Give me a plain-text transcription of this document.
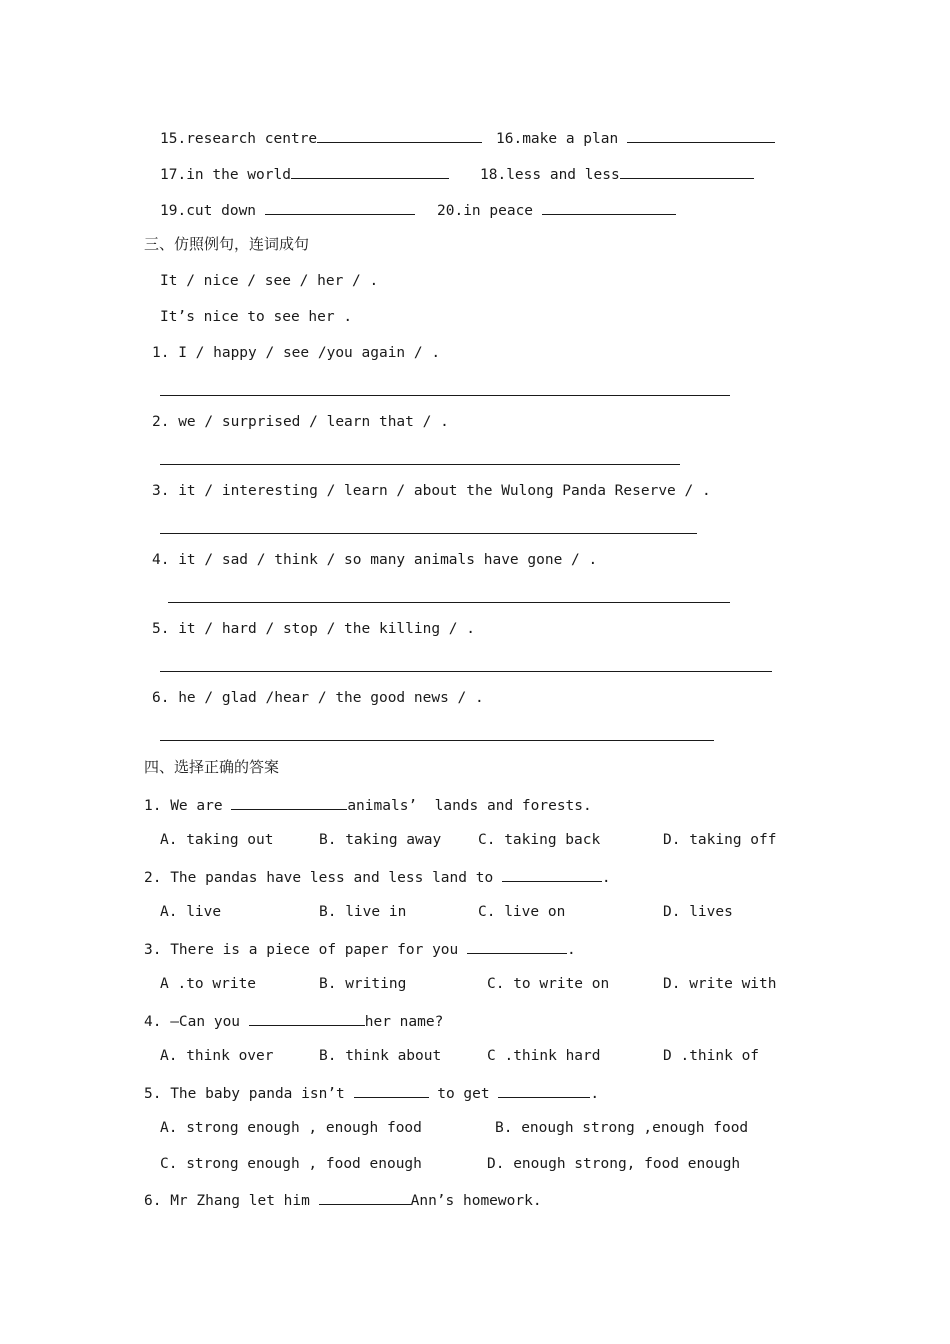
15.research centre	16.make a plan
17.in the world	18.less and less
19.cut down	20.in peace
三、仿照例句，连词成句
It / nice / see / her / .
It’s nice to see her .
1. I / happy / see /you again / .
2. we / surprised / learn that / .
3. it / interesting / learn / about the Wulong Panda Reserve / .
4. it / sad / think / so many animals have gone / .
5. it / hard / stop / the killing / .
6. he / glad /hear / the good news / .
四、选择正确的答案
1. We are	animals’  lands and forests.
A. taking out	B. taking away	C. taking back	D. taking off
2. The pandas have less and less land to	.
A. live	B. live in	C. live on	D. lives
3. There is a piece of paper for you	.
A .to write	B. writing	C. to write on	D. write with
4. —Can you	her name?
A. think over	B. think about	C .think hard	D .think of
5. The baby panda isn’t	to get	.
A. strong enough , enough food	B. enough strong ,enough food
C. strong enough , food enough	D. enough strong, food enough
6. Mr Zhang let him	Ann’s homework.
